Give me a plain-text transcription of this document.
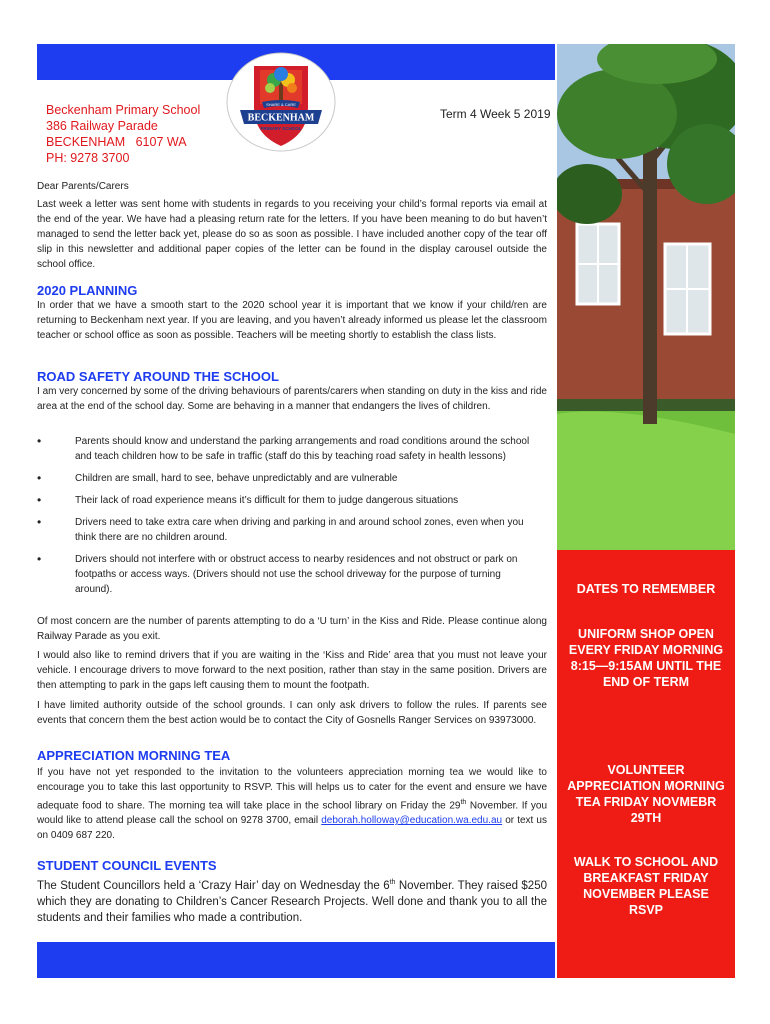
SHARE & CARE
BECKENHAM
PRIMARY SCHOOL
Beckenham Primary School
386 Railway Parade
BECKENHAM   6107 WA
PH: 9278 3700
Term 4 Week 5 2019
Dear Parents/Carers
Last week a letter was sent home with students in regards to you receiving your child’s formal reports via email at the end of the year. We have had a pleasing return rate for the letters. If you have been meaning to do but haven’t managed to send the letter back yet, please do so as soon as possible. I have included another copy of the tear off slip in this newsletter and additional paper copies of the letter can be found in the display carousel outside the school office.
2020 PLANNING
In order that we have a smooth start to the 2020 school year it is important that we know if your child/ren are returning to Beckenham next year. If you are leaving, and you haven’t already informed us please let the classroom teacher or school office as soon as possible. Teachers will be meeting shortly to establish the class lists.
ROAD SAFETY AROUND THE SCHOOL
I am very concerned by some of the driving behaviours of parents/carers when standing on duty in the kiss and ride area at the end of the school day. Some are behaving in a manner that endangers the lives of children.
• Parents should know and understand the parking arrangements and road conditions around the school and teach children how to be safe in traffic (staff do this by teaching road safety in health lessons)
• Children are small, hard to see, behave unpredictably and are vulnerable
• Their lack of road experience means it’s difficult for them to judge dangerous situations
• Drivers need to take extra care when driving and parking in and around school zones, even when you think there are no children around.
• Drivers should not interfere with or obstruct access to nearby residences and not obstruct or park on footpaths or access ways. (Drivers should not use the school driveway for the purpose of turning around).
Of most concern are the number of parents attempting to do a ‘U turn’ in the Kiss and Ride. Please continue along Railway Parade as you exit.
I would also like to remind drivers that if you are waiting in the ‘Kiss and Ride’ area that you must not leave your vehicle. I encourage drivers to move forward to the next position, rather than stay in the same position. Drivers are then attempting to park in the gaps left causing them to mount the footpath.
I have limited authority outside of the school grounds. I can only ask drivers to follow the rules. If parents see events that concern them the best action would be to contact the City of Gosnells Ranger Services on 93973000.
APPRECIATION MORNING TEA
If you have not yet responded to the invitation to the volunteers appreciation morning tea we would like to encourage you to take this last opportunity to RSVP. This will helps us to cater for the event and ensure we have adequate food to share. The morning tea will take place in the school library on Friday the 29th November. If you would like to attend please call the school on 9278 3700, email deborah.holloway@education.wa.edu.au or text us on 0409 687 220.
STUDENT COUNCIL EVENTS
The Student Councillors held a ‘Crazy Hair’ day on Wednesday the 6th November. They raised $250 which they are donating to Children’s Cancer Research Projects. Well done and thank you to all the students and their families who made a contribution.
DATES TO REMEMBER
UNIFORM SHOP OPEN EVERY FRIDAY MORNING 8:15—9:15AM UNTIL THE END OF TERM
VOLUNTEER APPRECIATION MORNING TEA FRIDAY NOVMEBR 29TH
WALK TO SCHOOL AND BREAKFAST FRIDAY NOVEMBER PLEASE RSVP
